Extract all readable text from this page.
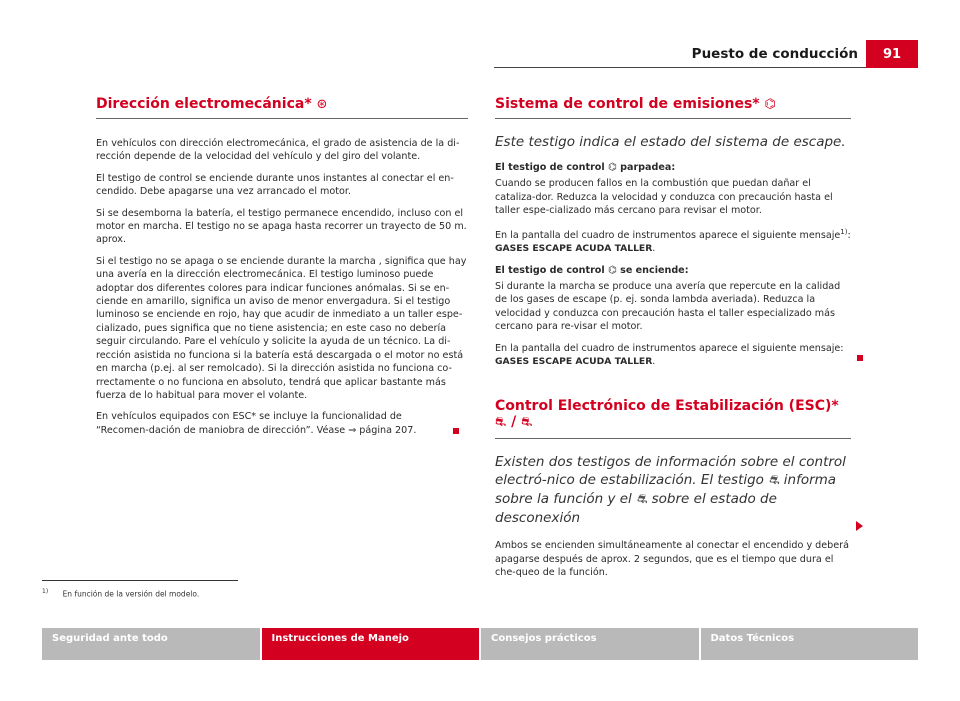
Puesto de conducción	91
Dirección electromecánica* ⊛

En vehículos con dirección electromecánica, el grado de asistencia de la di-rección depende de la velocidad del vehículo y del giro del volante.

El testigo de control se enciende durante unos instantes al conectar el en-cendido. Debe apagarse una vez arrancado el motor.

Si se desemborna la batería, el testigo permanece encendido, incluso con el motor en marcha. El testigo no se apaga hasta recorrer un trayecto de 50 m. aprox.

Si el testigo no se apaga o se enciende durante la marcha , significa que hay una avería en la dirección electromecánica. El testigo luminoso puede adoptar dos diferentes colores para indicar funciones anómalas. Si se en-ciende en amarillo, significa un aviso de menor envergadura. Si el testigo luminoso se enciende en rojo, hay que acudir de inmediato a un taller espe-cializado, pues significa que no tiene asistencia; en este caso no debería seguir circulando. Pare el vehículo y solicite la ayuda de un técnico. La di-rección asistida no funciona si la batería está descargada o el motor no está en marcha (p.ej. al ser remolcado). Si la dirección asistida no funciona co-rrectamente o no funciona en absoluto, tendrá que aplicar bastante más fuerza de lo habitual para mover el volante.

En vehículos equipados con ESC* se incluye la funcionalidad de “Recomen-dación de maniobra de dirección”. Véase ⇒ página 207.

Sistema de control de emisiones* ⌬

Este testigo indica el estado del sistema de escape.

El testigo de control ⌬ parpadea:

Cuando se producen fallos en la combustión que puedan dañar el cataliza-dor. Reduzca la velocidad y conduzca con precaución hasta el taller espe-cializado más cercano para revisar el motor.

En la pantalla del cuadro de instrumentos aparece el siguiente mensaje$^{1)}$:
GASES ESCAPE ACUDA TALLER.

El testigo de control ⌬ se enciende:

Si durante la marcha se produce una avería que repercute en la calidad de los gases de escape (p. ej. sonda lambda averiada). Reduzca la velocidad y conduzca con precaución hasta el taller especializado más cercano para re-visar el motor.

En la pantalla del cuadro de instrumentos aparece el siguiente mensaje:
GASES ESCAPE ACUDA TALLER.

Control Electrónico de Estabilización (ESC)* ⛐ / ⛐

Existen dos testigos de información sobre el control electró-nico de estabilización. El testigo ⛐ informa sobre la función y el ⛐ sobre el estado de desconexión

Ambos se encienden simultáneamente al conectar el encendido y deberá apagarse después de aprox. 2 segundos, que es el tiempo que dura el che-queo de la función.

$^{1)}$ En función de la versión del modelo.
Seguridad ante todo	Instrucciones de Manejo	Consejos prácticos	Datos Técnicos
